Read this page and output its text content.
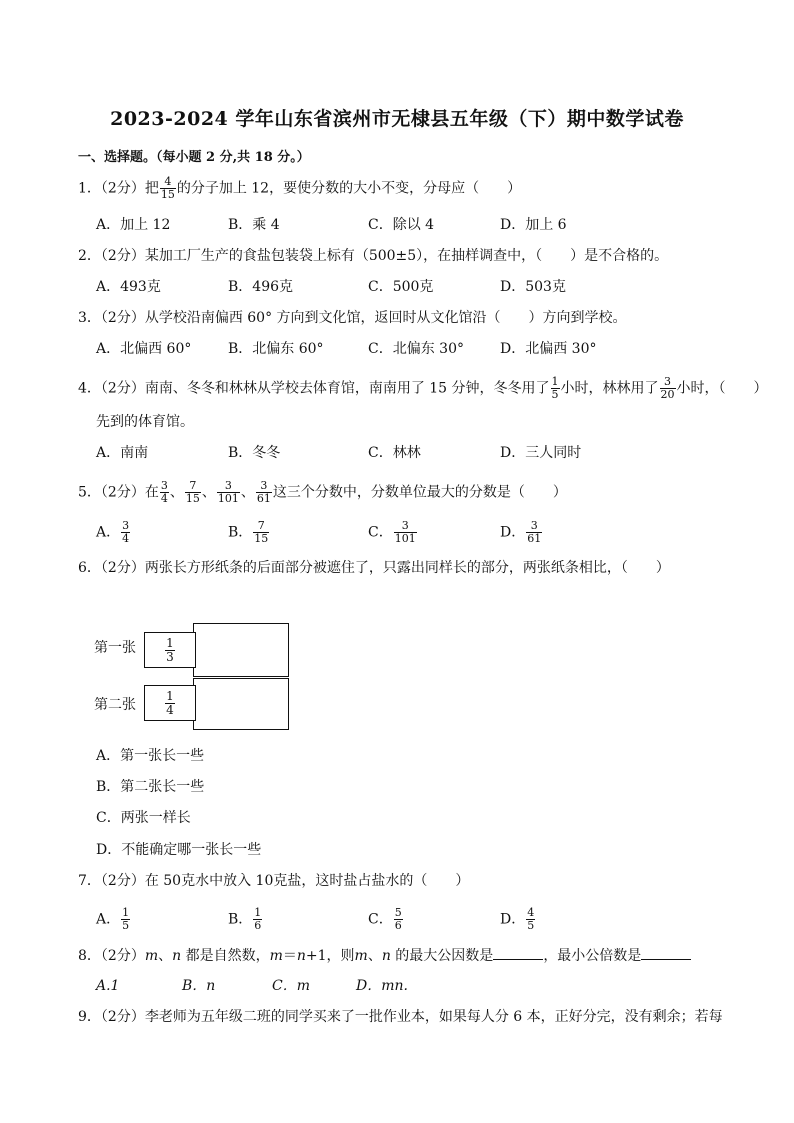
2023-2024 学年山东省滨州市无棣县五年级（下）期中数学试卷
一、选择题。（每小题 2 分,共 18 分。）
1．（2分）把 $\frac{4}{15}$ 的分子加上 12，要使分数的大小不变，分母应（　　）
A．加上 12	B．乘 4	C．除以 4	D．加上 6
2．（2分）某加工厂生产的食盐包装袋上标有（500±5），在抽样调查中，（　　）是不合格的。
A．493克	B．496克	C．500克	D．503克
3．（2分）从学校沿南偏西 60° 方向到文化馆，返回时从文化馆沿（　　）方向到学校。
A．北偏西 60°	B．北偏东 60°	C．北偏东 30°	D．北偏西 30°
4．（2分）南南、冬冬和林林从学校去体育馆，南南用了 15 分钟，冬冬用了 $\frac{1}{5}$ 小时，林林用了 $\frac{3}{20}$ 小时，（　　）
先到的体育馆。
A．南南	B．冬冬	C．林林	D．三人同时
5．（2分）在 $\frac{3}{4}$ 、 $\frac{7}{15}$ 、 $\frac{3}{101}$ 、 $\frac{3}{61}$ 这三个分数中，分数单位最大的分数是（　　）
A． $\frac{3}{4}$	B． $\frac{7}{15}$	C． $\frac{3}{101}$	D． $\frac{3}{61}$
6．（2分）两张长方形纸条的后面部分被遮住了，只露出同样长的部分，两张纸条相比，（　　）
第一张 $\frac{1}{3}$
第二张 $\frac{1}{4}$
A．第一张长一些
B．第二张长一些
C．两张一样长
D．不能确定哪一张长一些
7．（2分）在 50克水中放入 10克盐，这时盐占盐水的（　　）
A． $\frac{1}{5}$	B． $\frac{1}{6}$	C． $\frac{5}{6}$	D． $\frac{4}{5}$
8．（2分）m、n 都是自然数，m＝n+1，则m、n 的最大公因数是	，最小公倍数是
A.1	B．n	C．m	D．mn.
9．（2分）李老师为五年级二班的同学买来了一批作业本，如果每人分 6 本，正好分完，没有剩余；若每
